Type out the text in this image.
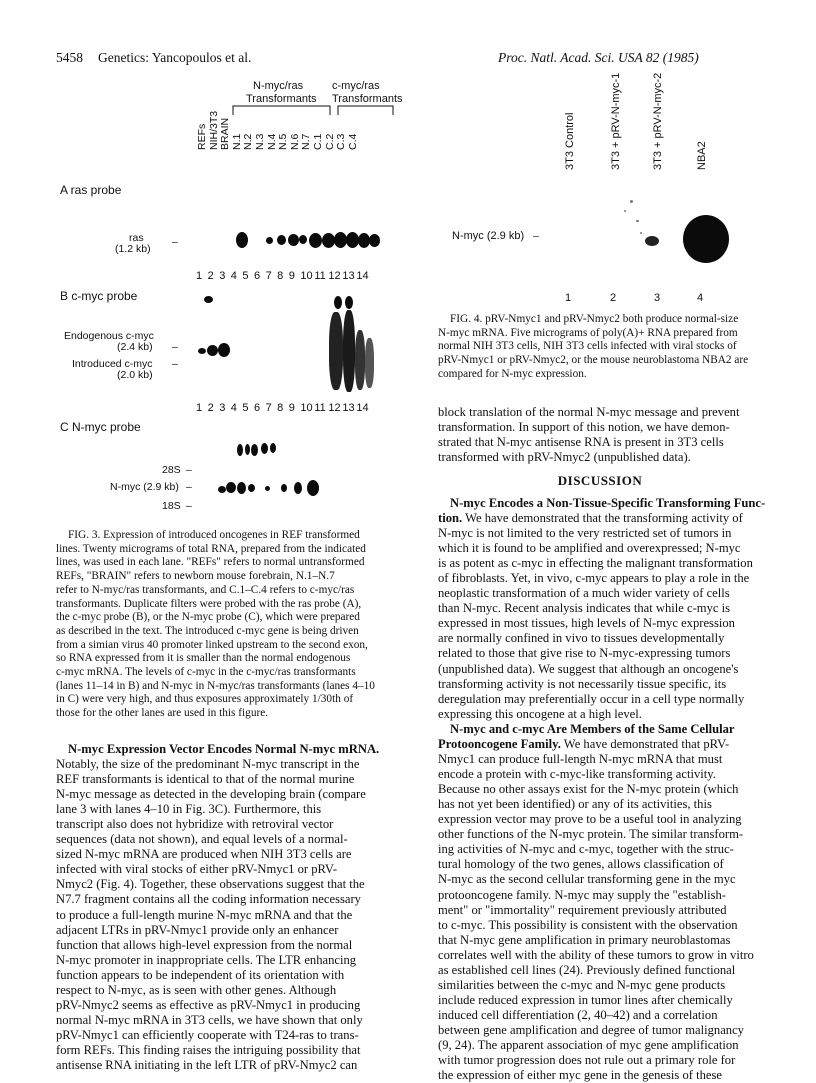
5458 Genetics: Yancopoulos et al.	Proc. Natl. Acad. Sci. USA 82 (1985)
N-myc/ras
Transformants
c-myc/ras
Transformants
REFs NIH/3T3 BRAIN N.1 N.2 N.3 N.4 N.5 N.6 N.7 C.1 C.2 C.3 C.4
A ras probe
ras
(1.2 kb)
–
1 2 3 4 5 6 7 8 9 10 11 12 13 14
B c-myc probe
Endogenous c-myc
(2.4 kb) –
Introduced c-myc
(2.0 kb)
–
1 2 3 4 5 6 7 8 9 10 11 12 13 14
C N-myc probe
28S –
N-myc (2.9 kb) –
18S –
FIG. 3. Expression of introduced oncogenes in REF transformed
lines. Twenty micrograms of total RNA, prepared from the indicated
lines, was used in each lane. "REFs" refers to normal untransformed
REFs, "BRAIN" refers to newborn mouse forebrain, N.1–N.7
refer to N-myc/ras transformants, and C.1–C.4 refers to c-myc/ras
transformants. Duplicate filters were probed with the ras probe (A),
the c-myc probe (B), or the N-myc probe (C), which were prepared
as described in the text. The introduced c-myc gene is being driven
from a simian virus 40 promoter linked upstream to the second exon,
so RNA expressed from it is smaller than the normal endogenous
c-myc mRNA. The levels of c-myc in the c-myc/ras transformants
(lanes 11–14 in B) and N-myc in N-myc/ras transformants (lanes 4–10
in C) were very high, and thus exposures approximately 1/30th of
those for the other lanes are used in this figure.
3T3 Control	3T3 + pRV-N-myc-1	3T3 + pRV-N-myc-2	NBA2
N-myc (2.9 kb) –
1	2	3	4
FIG. 4. pRV-Nmyc1 and pRV-Nmyc2 both produce normal-size
N-myc mRNA. Five micrograms of poly(A)+ RNA prepared from
normal NIH 3T3 cells, NIH 3T3 cells infected with viral stocks of
pRV-Nmyc1 or pRV-Nmyc2, or the mouse neuroblastoma NBA2 are
compared for N-myc expression.
N-myc Expression Vector Encodes Normal N-myc mRNA.
Notably, the size of the predominant N-myc transcript in the
REF transformants is identical to that of the normal murine
N-myc message as detected in the developing brain (compare
lane 3 with lanes 4–10 in Fig. 3C). Furthermore, this
transcript also does not hybridize with retroviral vector
sequences (data not shown), and equal levels of a normal-
sized N-myc mRNA are produced when NIH 3T3 cells are
infected with viral stocks of either pRV-Nmyc1 or pRV-
Nmyc2 (Fig. 4). Together, these observations suggest that the
N7.7 fragment contains all the coding information necessary
to produce a full-length murine N-myc mRNA and that the
adjacent LTRs in pRV-Nmyc1 provide only an enhancer
function that allows high-level expression from the normal
N-myc promoter in inappropriate cells. The LTR enhancing
function appears to be independent of its orientation with
respect to N-myc, as is seen with other genes. Although
pRV-Nmyc2 seems as effective as pRV-Nmyc1 in producing
normal N-myc mRNA in 3T3 cells, we have shown that only
pRV-Nmyc1 can efficiently cooperate with T24-ras to trans-
form REFs. This finding raises the intriguing possibility that
antisense RNA initiating in the left LTR of pRV-Nmyc2 can
block translation of the normal N-myc message and prevent
transformation. In support of this notion, we have demon-
strated that N-myc antisense RNA is present in 3T3 cells
transformed with pRV-Nmyc2 (unpublished data).
DISCUSSION
N-myc Encodes a Non-Tissue-Specific Transforming Func-
tion. We have demonstrated that the transforming activity of
N-myc is not limited to the very restricted set of tumors in
which it is found to be amplified and overexpressed; N-myc
is as potent as c-myc in effecting the malignant transformation
of fibroblasts. Yet, in vivo, c-myc appears to play a role in the
neoplastic transformation of a much wider variety of cells
than N-myc. Recent analysis indicates that while c-myc is
expressed in most tissues, high levels of N-myc expression
are normally confined in vivo to tissues developmentally
related to those that give rise to N-myc-expressing tumors
(unpublished data). We suggest that although an oncogene's
transforming activity is not necessarily tissue specific, its
deregulation may preferentially occur in a cell type normally
expressing this oncogene at a high level.
N-myc and c-myc Are Members of the Same Cellular
Protooncogene Family. We have demonstrated that pRV-
Nmyc1 can produce full-length N-myc mRNA that must
encode a protein with c-myc-like transforming activity.
Because no other assays exist for the N-myc protein (which
has not yet been identified) or any of its activities, this
expression vector may prove to be a useful tool in analyzing
other functions of the N-myc protein. The similar transform-
ing activities of N-myc and c-myc, together with the struc-
tural homology of the two genes, allows classification of
N-myc as the second cellular transforming gene in the myc
protooncogene family. N-myc may supply the "establish-
ment" or "immortality" requirement previously attributed
to c-myc. This possibility is consistent with the observation
that N-myc gene amplification in primary neuroblastomas
correlates well with the ability of these tumors to grow in vitro
as established cell lines (24). Previously defined functional
similarities between the c-myc and N-myc gene products
include reduced expression in tumor lines after chemically
induced cell differentiation (2, 40–42) and a correlation
between gene amplification and degree of tumor malignancy
(9, 24). The apparent association of myc gene amplification
with tumor progression does not rule out a primary role for
the expression of either myc gene in the genesis of these
